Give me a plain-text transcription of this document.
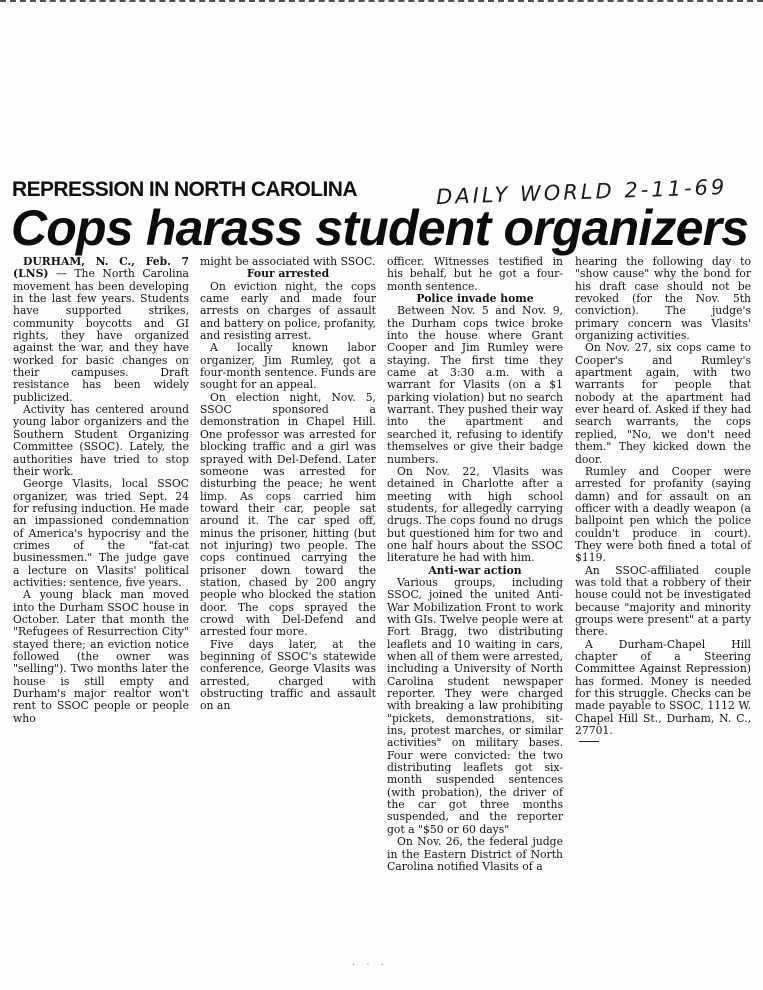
REPRESSION IN NORTH CAROLINA	DAILY WORLD 2-11-69
Cops harass student organizers

DURHAM, N. C., Feb. 7 (LNS) — The North Carolina movement has been developing in the last few years. Students have supported strikes, community boycotts and GI rights, they have organized against the war, and they have worked for basic changes on their campuses. Draft resistance has been widely publicized.

Activity has centered around young labor organizers and the Southern Student Organizing Committee (SSOC). Lately, the authorities have tried to stop their work.

George Vlasits, local SSOC organizer, was tried Sept. 24 for refusing induction. He made an impassioned condemnation of America's hypocrisy and the crimes of the "fat-cat businessmen." The judge gave a lecture on Vlasits' political activities: sentence, five years.

A young black man moved into the Durham SSOC house in October. Later that month the "Refugees of Resurrection City" stayed there; an eviction notice followed (the owner was "selling"). Two months later the house is still empty and Durham's major realtor won't rent to SSOC people or people who

might be associated with SSOC.

Four arrested

On eviction night, the cops came early and made four arrests on charges of assault and battery on police, profanity, and resisting arrest.

A locally known labor organizer, Jim Rumley, got a four-month sentence. Funds are sought for an appeal.

On election night, Nov. 5, SSOC sponsored a demonstration in Chapel Hill. One professor was arrested for blocking traffic and a girl was sprayed with Del-Defend. Later someone was arrested for disturbing the peace; he went limp. As cops carried him toward their car, people sat around it. The car sped off, minus the prisoner, hitting (but not injuring) two people. The cops continued carrying the prisoner down toward the station, chased by 200 angry people who blocked the station door. The cops sprayed the crowd with Del-Defend and arrested four more.

Five days later, at the beginning of SSOC's statewide conference, George Vlasits was arrested, charged with obstructing traffic and assault on an

officer. Witnesses testified in his behalf, but he got a four-month sentence.

Police invade home

Between Nov. 5 and Nov. 9, the Durham cops twice broke into the house where Grant Cooper and Jim Rumley were staying. The first time they came at 3:30 a.m. with a warrant for Vlasits (on a $1 parking violation) but no search warrant. They pushed their way into the apartment and searched it, refusing to identify themselves or give their badge numbers.

On Nov. 22, Vlasits was detained in Charlotte after a meeting with high school students, for allegedly carrying drugs. The cops found no drugs but questioned him for two and one half hours about the SSOC literature he had with him.

Anti-war action

Various groups, including SSOC, joined the united Anti-War Mobilization Front to work with GIs. Twelve people were at Fort Bragg, two distributing leaflets and 10 waiting in cars, when all of them were arrested, including a University of North Carolina student newspaper reporter. They were charged with breaking a law prohibiting "pickets, demonstrations, sit-ins, protest marches, or similar activities" on military bases. Four were convicted: the two distributing leaflets got six-month suspended sentences (with probation), the driver of the car got three months suspended, and the reporter got a "$50 or 60 days"

On Nov. 26, the federal judge in the Eastern District of North Carolina notified Vlasits of a

hearing the following day to "show cause" why the bond for his draft case should not be revoked (for the Nov. 5th conviction). The judge's primary concern was Vlasits' organizing activities.

On Nov. 27, six cops came to Cooper's and Rumley's apartment again, with two warrants for people that nobody at the apartment had ever heard of. Asked if they had search warrants, the cops replied, "No, we don't need them." They kicked down the door.

Rumley and Cooper were arrested for profanity (saying damn) and for assault on an officer with a deadly weapon (a ballpoint pen which the police couldn't produce in court). They were both fined a total of $119.

An SSOC-affiliated couple was told that a robbery of their house could not be investigated because "majority and minority groups were present" at a party there.

A Durham-Chapel Hill chapter of a Steering Committee Against Repression) has formed. Money is needed for this struggle. Checks can be made payable to SSOC, 1112 W. Chapel Hill St., Durham, N. C., 27701.

· · ·
